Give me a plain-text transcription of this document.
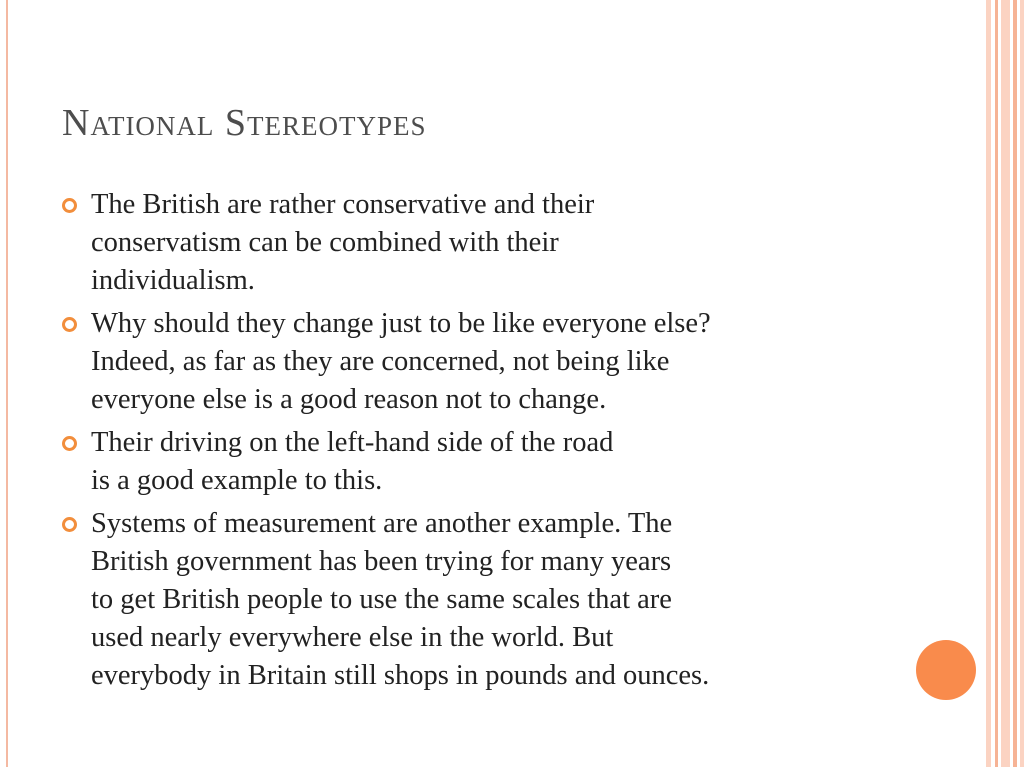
National Stereotypes
The British are rather conservative and their
conservatism can be combined with their
individualism.
Why should they change just to be like everyone else?
Indeed, as far as they are concerned, not being like
everyone else is a good reason not to change.
Their driving on the left-hand side of the road
is a good example to this.
Systems of measurement are another example. The
British government has been trying for many years
to get British people to use the same scales that are
used nearly everywhere else in the world. But
everybody in Britain still shops in pounds and ounces.
